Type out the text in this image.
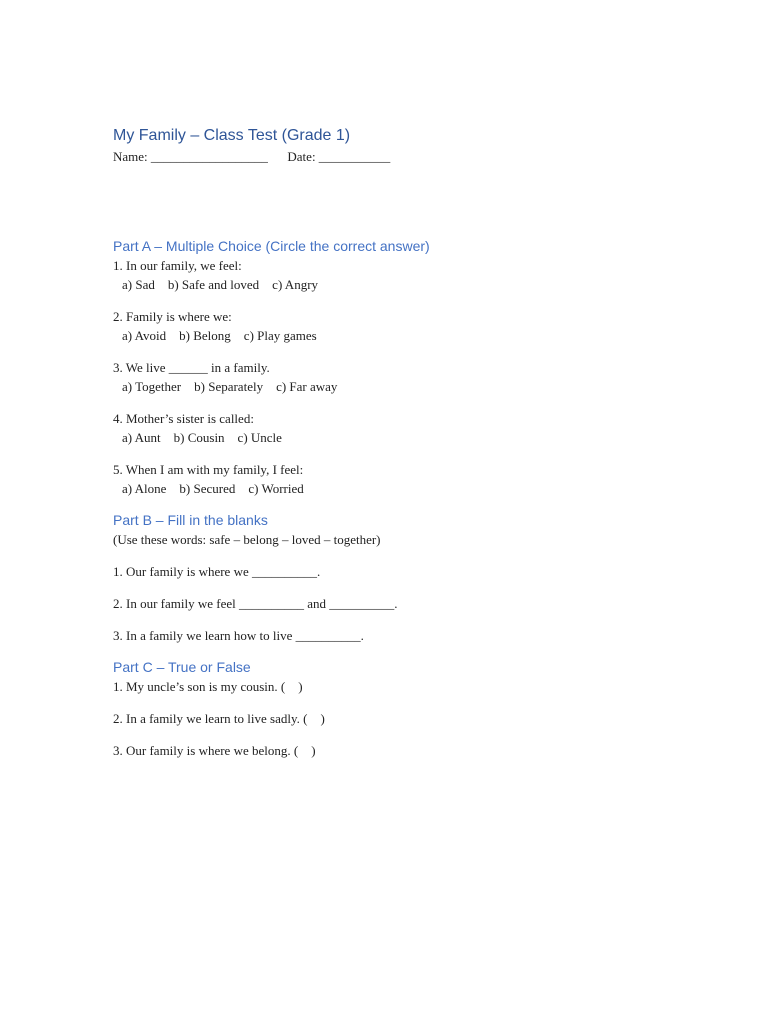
My Family – Class Test (Grade 1)

Name: __________________      Date: ___________

Part A – Multiple Choice (Circle the correct answer)

1. In our family, we feel:

a) Sad    b) Safe and loved    c) Angry

2. Family is where we:

a) Avoid    b) Belong    c) Play games

3. We live ______ in a family.

a) Together    b) Separately    c) Far away

4. Mother’s sister is called:

a) Aunt    b) Cousin    c) Uncle

5. When I am with my family, I feel:

a) Alone    b) Secured    c) Worried

Part B – Fill in the blanks

(Use these words: safe – belong – loved – together)

1. Our family is where we __________.

2. In our family we feel __________ and __________.

3. In a family we learn how to live __________.

Part C – True or False

1. My uncle’s son is my cousin. (    )

2. In a family we learn to live sadly. (    )

3. Our family is where we belong. (    )
